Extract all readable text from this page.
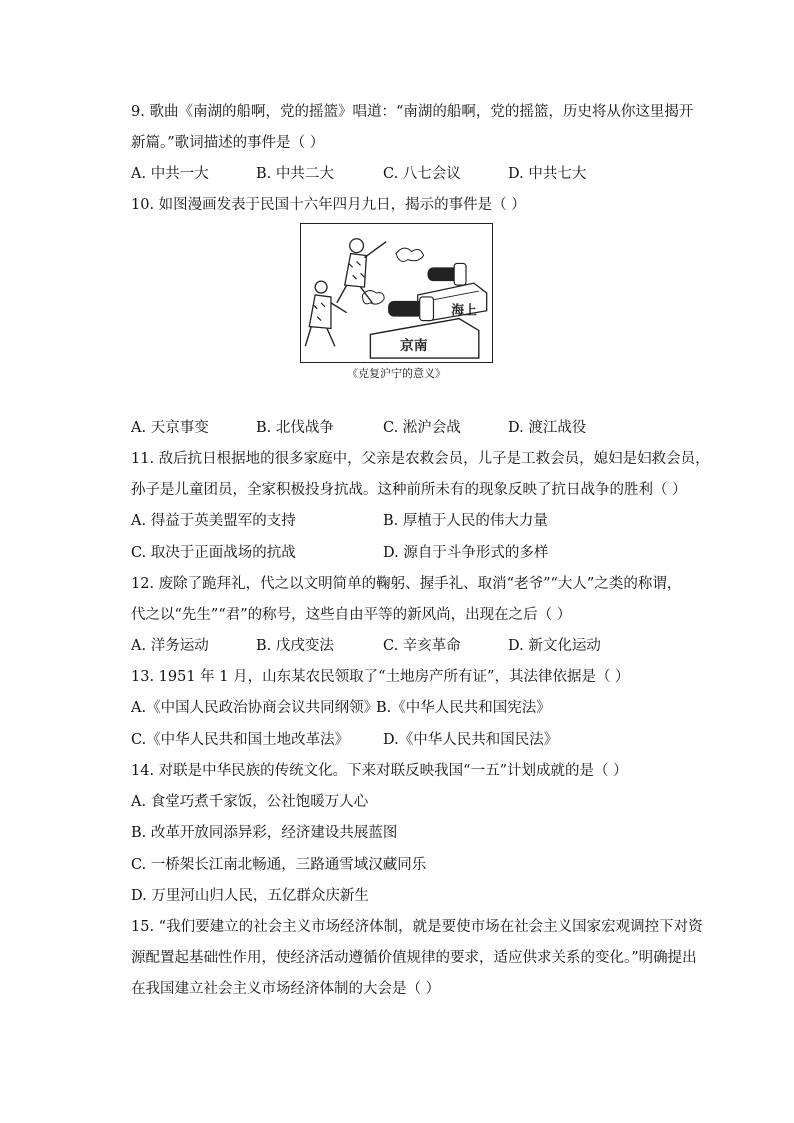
9. 歌曲《南湖的船啊，党的摇篮》唱道：“南湖的船啊，党的摇篮，历史将从你这里揭开
新篇。”歌词描述的事件是（ ）
A. 中共一大	B. 中共二大	C. 八七会议	D. 中共七大
10. 如图漫画发表于民国十六年四月九日，揭示的事件是（ ）
海上
京南
《克复沪宁的意义》
A. 天京事变	B. 北伐战争	C. 淞沪会战	D. 渡江战役
11. 敌后抗日根据地的很多家庭中，父亲是农救会员，儿子是工救会员，媳妇是妇救会员，
孙子是儿童团员，全家积极投身抗战。这种前所未有的现象反映了抗日战争的胜利（ ）
A. 得益于英美盟军的支持	B. 厚植于人民的伟大力量
C. 取决于正面战场的抗战	D. 源自于斗争形式的多样
12. 废除了跪拜礼，代之以文明简单的鞠躬、握手礼、取消“老爷”“大人”之类的称谓，
代之以“先生”“君”的称号，这些自由平等的新风尚，出现在之后（ ）
A. 洋务运动	B. 戊戌变法	C. 辛亥革命	D. 新文化运动
13. 1951 年 1 月，山东某农民领取了“土地房产所有证”，其法律依据是（ ）
A.《中国人民政治协商会议共同纲领》
B.《中华人民共和国宪法》
C.《中华人民共和国土地改革法》 D.《中华人民共和国民法》
14. 对联是中华民族的传统文化。下来对联反映我国“一五”计划成就的是（ ）
A. 食堂巧煮千家饭，公社饱暖万人心
B. 改革开放同添异彩，经济建设共展蓝图
C. 一桥架长江南北畅通，三路通雪域汉藏同乐
D. 万里河山归人民，五亿群众庆新生
15. “我们要建立的社会主义市场经济体制，就是要使市场在社会主义国家宏观调控下对资
源配置起基础性作用，使经济活动遵循价值规律的要求，适应供求关系的变化。”明确提出
在我国建立社会主义市场经济体制的大会是（ ）
